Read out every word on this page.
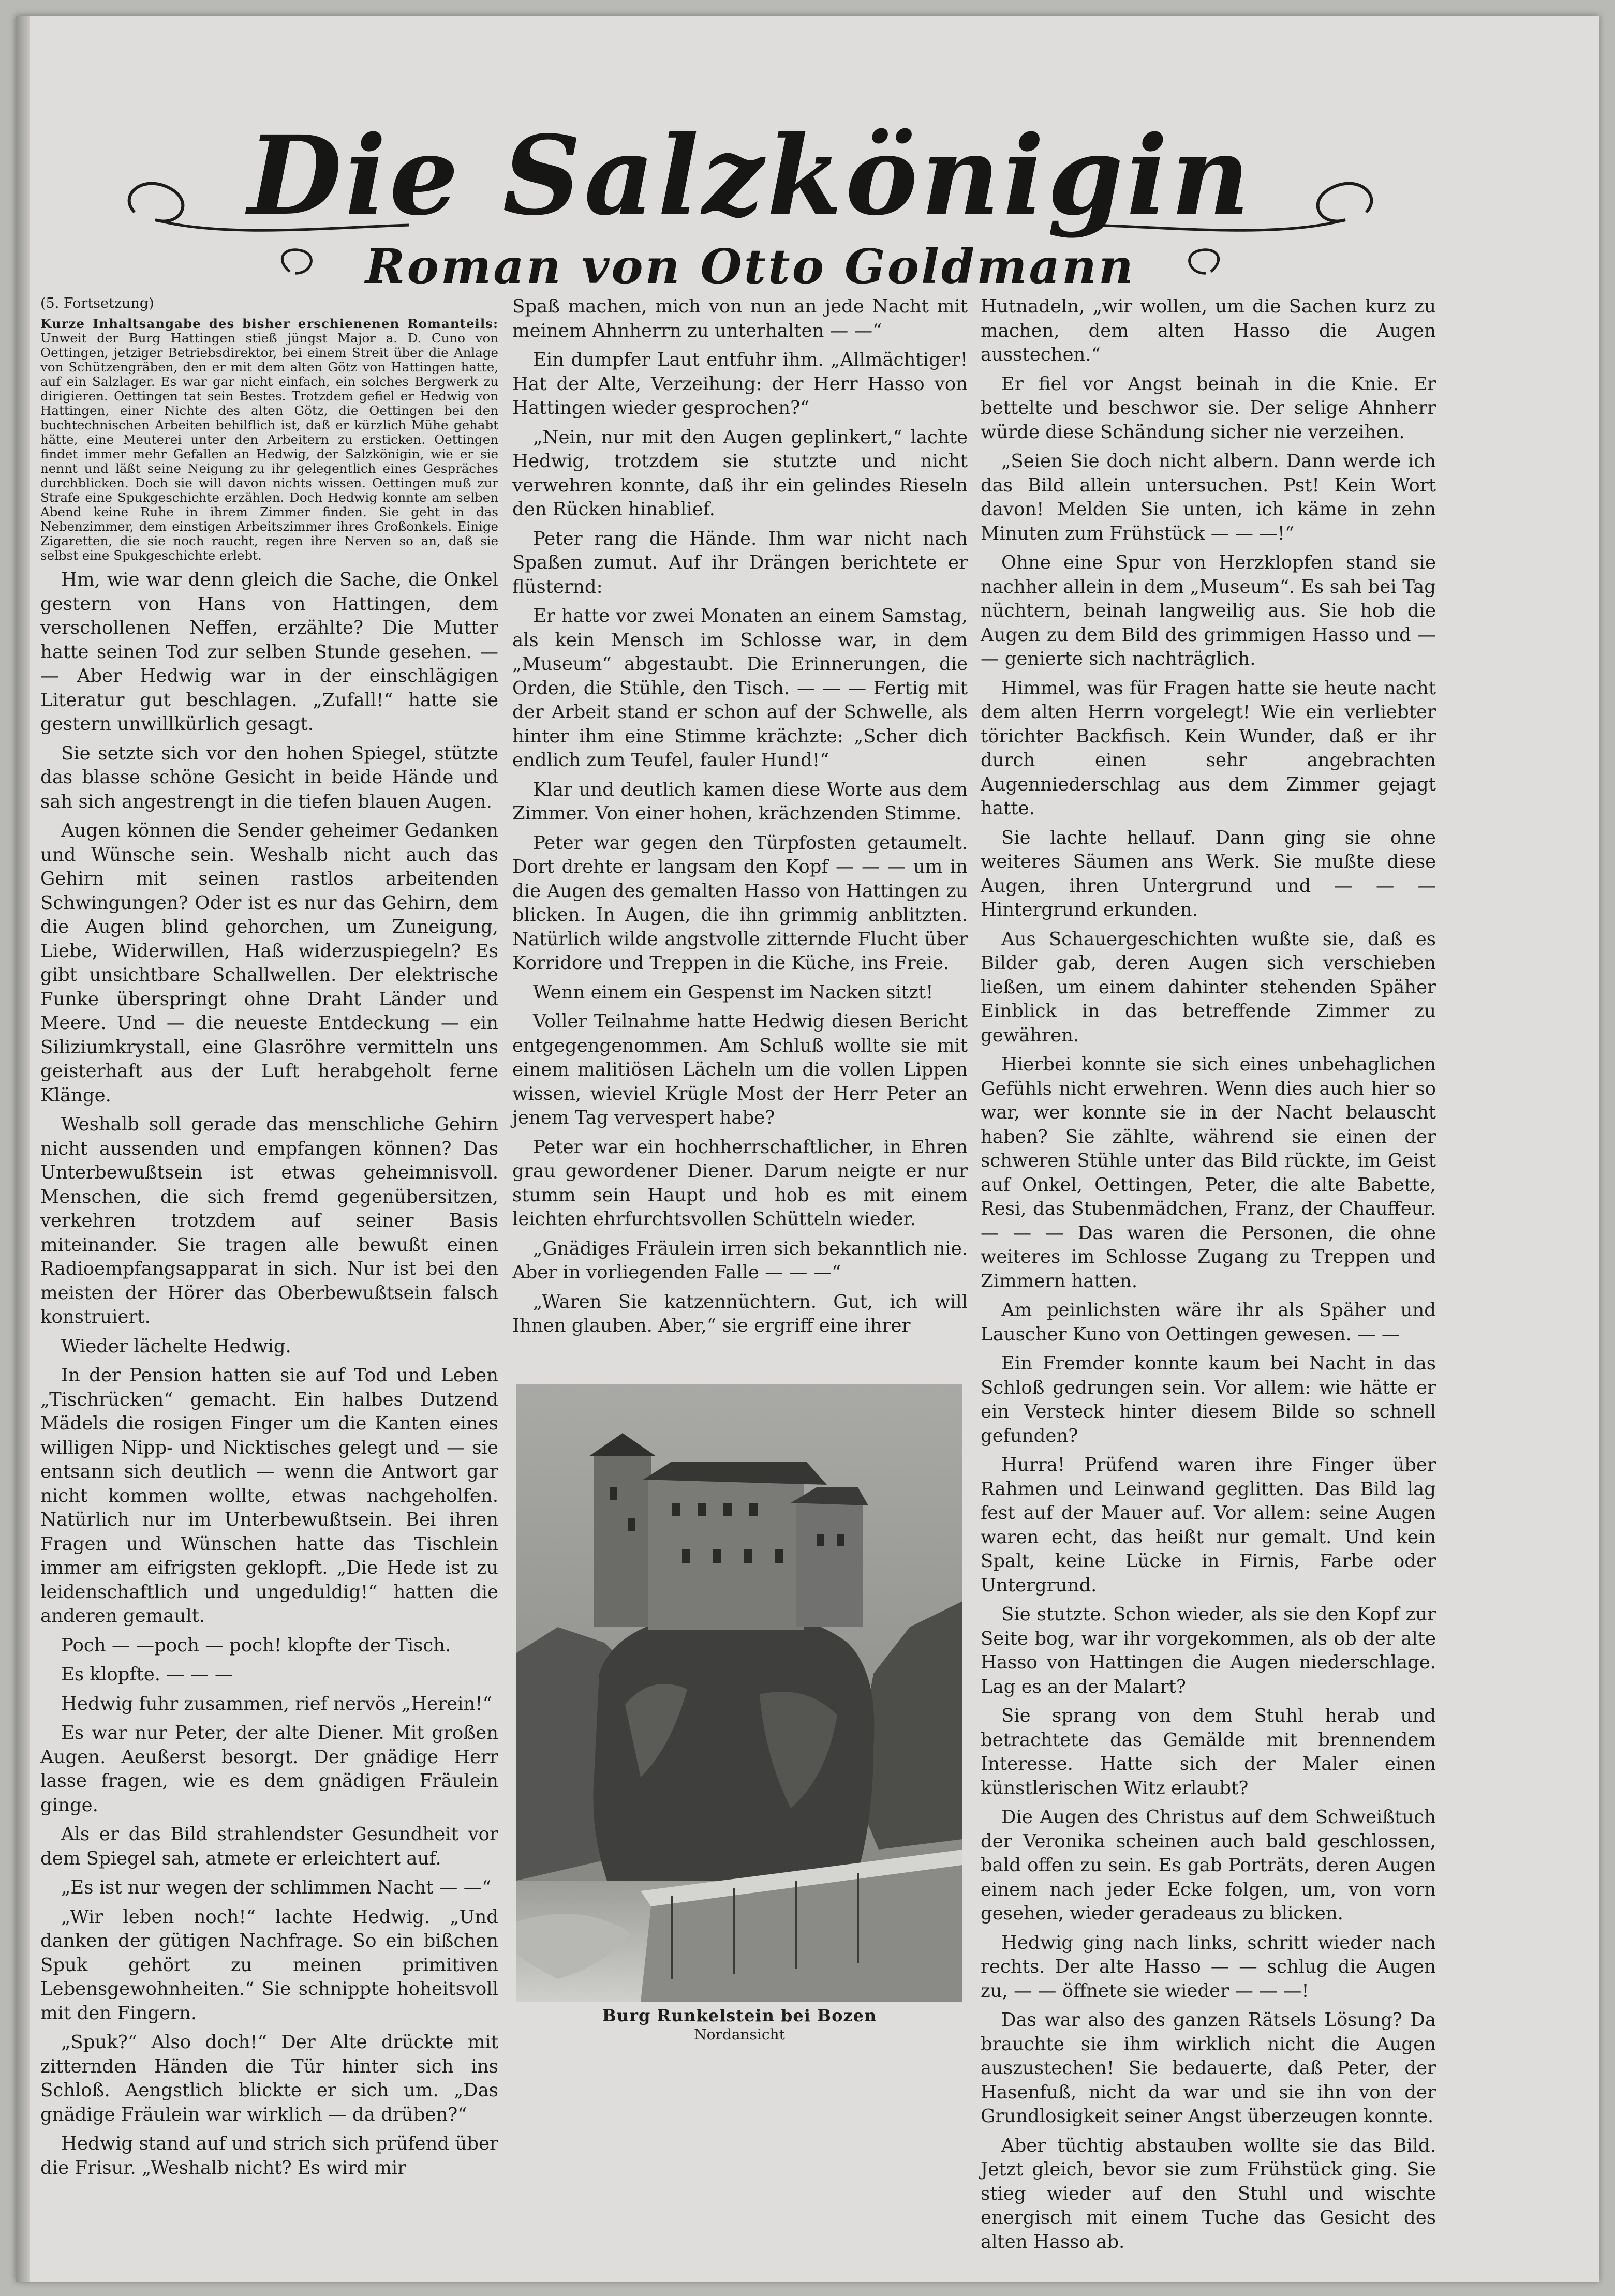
Die Salzkönigin
Roman von Otto Goldmann
(5. Fortsetzung)
Kurze Inhaltsangabe des bisher erschienenen Romanteils: Unweit der Burg Hattingen stieß jüngst Major a. D. Cuno von Oettingen, jetziger Betriebsdirektor, bei einem Streit über die Anlage von Schützengräben, den er mit dem alten Götz von Hattingen hatte, auf ein Salzlager. Es war gar nicht einfach, ein solches Bergwerk zu dirigieren. Oettingen tat sein Bestes. Trotzdem gefiel er Hedwig von Hattingen, einer Nichte des alten Götz, die Oettingen bei den buchtechnischen Arbeiten behilflich ist, daß er kürzlich Mühe gehabt hätte, eine Meuterei unter den Arbeitern zu ersticken. Oettingen findet immer mehr Gefallen an Hedwig, der Salzkönigin, wie er sie nennt und läßt seine Neigung zu ihr gelegentlich eines Gespräches durchblicken. Doch sie will davon nichts wissen. Oettingen muß zur Strafe eine Spukgeschichte erzählen. Doch Hedwig konnte am selben Abend keine Ruhe in ihrem Zimmer finden. Sie geht in das Nebenzimmer, dem einstigen Arbeitszimmer ihres Großonkels. Einige Zigaretten, die sie noch raucht, regen ihre Nerven so an, daß sie selbst eine Spukgeschichte erlebt.

Hm, wie war denn gleich die Sache, die Onkel gestern von Hans von Hattingen, dem verschollenen Neffen, erzählte? Die Mutter hatte seinen Tod zur selben Stunde gesehen. — — Aber Hedwig war in der einschlägigen Literatur gut beschlagen. „Zufall!“ hatte sie gestern unwillkürlich gesagt.

Sie setzte sich vor den hohen Spiegel, stützte das blasse schöne Gesicht in beide Hände und sah sich angestrengt in die tiefen blauen Augen.

Augen können die Sender geheimer Gedanken und Wünsche sein. Weshalb nicht auch das Gehirn mit seinen rastlos arbeitenden Schwingungen? Oder ist es nur das Gehirn, dem die Augen blind gehorchen, um Zuneigung, Liebe, Widerwillen, Haß widerzuspiegeln? Es gibt unsichtbare Schallwellen. Der elektrische Funke überspringt ohne Draht Länder und Meere. Und — die neueste Entdeckung — ein Siliziumkrystall, eine Glasröhre vermitteln uns geisterhaft aus der Luft herabgeholt ferne Klänge.

Weshalb soll gerade das menschliche Gehirn nicht aussenden und empfangen können? Das Unterbewußtsein ist etwas geheimnisvoll. Menschen, die sich fremd gegenübersitzen, verkehren trotzdem auf seiner Basis miteinander. Sie tragen alle bewußt einen Radioempfangsapparat in sich. Nur ist bei den meisten der Hörer das Oberbewußtsein falsch konstruiert.

Wieder lächelte Hedwig.

In der Pension hatten sie auf Tod und Leben „Tischrücken“ gemacht. Ein halbes Dutzend Mädels die rosigen Finger um die Kanten eines willigen Nipp- und Nicktisches gelegt und — sie entsann sich deutlich — wenn die Antwort gar nicht kommen wollte, etwas nachgeholfen. Natürlich nur im Unterbewußtsein. Bei ihren Fragen und Wünschen hatte das Tischlein immer am eifrigsten geklopft. „Die Hede ist zu leidenschaftlich und ungeduldig!“ hatten die anderen gemault.

Poch — —poch — poch! klopfte der Tisch.

Es klopfte. — — —

Hedwig fuhr zusammen, rief nervös „Herein!“

Es war nur Peter, der alte Diener. Mit großen Augen. Aeußerst besorgt. Der gnädige Herr lasse fragen, wie es dem gnädigen Fräulein ginge.

Als er das Bild strahlendster Gesundheit vor dem Spiegel sah, atmete er erleichtert auf.

„Es ist nur wegen der schlimmen Nacht — —“

„Wir leben noch!“ lachte Hedwig. „Und danken der gütigen Nachfrage. So ein bißchen Spuk gehört zu meinen primitiven Lebensgewohnheiten.“ Sie schnippte hoheitsvoll mit den Fingern.

„Spuk?“ Also doch!“ Der Alte drückte mit zitternden Händen die Tür hinter sich ins Schloß. Aengstlich blickte er sich um. „Das gnädige Fräulein war wirklich — da drüben?“

Hedwig stand auf und strich sich prüfend über die Frisur. „Weshalb nicht? Es wird mir

Spaß machen, mich von nun an jede Nacht mit meinem Ahnherrn zu unterhalten — —“

Ein dumpfer Laut entfuhr ihm. „Allmächtiger! Hat der Alte, Verzeihung: der Herr Hasso von Hattingen wieder gesprochen?“

„Nein, nur mit den Augen geplinkert,“ lachte Hedwig, trotzdem sie stutzte und nicht verwehren konnte, daß ihr ein gelindes Rieseln den Rücken hinablief.

Peter rang die Hände. Ihm war nicht nach Spaßen zumut. Auf ihr Drängen berichtete er flüsternd:

Er hatte vor zwei Monaten an einem Samstag, als kein Mensch im Schlosse war, in dem „Museum“ abgestaubt. Die Erinnerungen, die Orden, die Stühle, den Tisch. — — — Fertig mit der Arbeit stand er schon auf der Schwelle, als hinter ihm eine Stimme krächzte: „Scher dich endlich zum Teufel, fauler Hund!“

Klar und deutlich kamen diese Worte aus dem Zimmer. Von einer hohen, krächzenden Stimme.

Peter war gegen den Türpfosten getaumelt. Dort drehte er langsam den Kopf — — — um in die Augen des gemalten Hasso von Hattingen zu blicken. In Augen, die ihn grimmig anblitzten. Natürlich wilde angstvolle zitternde Flucht über Korridore und Treppen in die Küche, ins Freie.

Wenn einem ein Gespenst im Nacken sitzt!

Voller Teilnahme hatte Hedwig diesen Bericht entgegengenommen. Am Schluß wollte sie mit einem malitiösen Lächeln um die vollen Lippen wissen, wieviel Krügle Most der Herr Peter an jenem Tag vervespert habe?

Peter war ein hochherrschaftlicher, in Ehren grau gewordener Diener. Darum neigte er nur stumm sein Haupt und hob es mit einem leichten ehrfurchtsvollen Schütteln wieder.

„Gnädiges Fräulein irren sich bekanntlich nie. Aber in vorliegenden Falle — — —“

„Waren Sie katzennüchtern. Gut, ich will Ihnen glauben. Aber,“ sie ergriff eine ihrer

Burg Runkelstein bei Bozen
Nordansicht

Hutnadeln, „wir wollen, um die Sachen kurz zu machen, dem alten Hasso die Augen ausstechen.“

Er fiel vor Angst beinah in die Knie. Er bettelte und beschwor sie. Der selige Ahnherr würde diese Schändung sicher nie verzeihen.

„Seien Sie doch nicht albern. Dann werde ich das Bild allein untersuchen. Pst! Kein Wort davon! Melden Sie unten, ich käme in zehn Minuten zum Frühstück — — —!“

Ohne eine Spur von Herzklopfen stand sie nachher allein in dem „Museum“. Es sah bei Tag nüchtern, beinah langweilig aus. Sie hob die Augen zu dem Bild des grimmigen Hasso und — — genierte sich nachträglich.

Himmel, was für Fragen hatte sie heute nacht dem alten Herrn vorgelegt! Wie ein verliebter törichter Backfisch. Kein Wunder, daß er ihr durch einen sehr angebrachten Augenniederschlag aus dem Zimmer gejagt hatte.

Sie lachte hellauf. Dann ging sie ohne weiteres Säumen ans Werk. Sie mußte diese Augen, ihren Untergrund und — — — Hintergrund erkunden.

Aus Schauergeschichten wußte sie, daß es Bilder gab, deren Augen sich verschieben ließen, um einem dahinter stehenden Späher Einblick in das betreffende Zimmer zu gewähren.

Hierbei konnte sie sich eines unbehaglichen Gefühls nicht erwehren. Wenn dies auch hier so war, wer konnte sie in der Nacht belauscht haben? Sie zählte, während sie einen der schweren Stühle unter das Bild rückte, im Geist auf Onkel, Oettingen, Peter, die alte Babette, Resi, das Stubenmädchen, Franz, der Chauffeur. — — — Das waren die Personen, die ohne weiteres im Schlosse Zugang zu Treppen und Zimmern hatten.

Am peinlichsten wäre ihr als Späher und Lauscher Kuno von Oettingen gewesen. — —

Ein Fremder konnte kaum bei Nacht in das Schloß gedrungen sein. Vor allem: wie hätte er ein Versteck hinter diesem Bilde so schnell gefunden?

Hurra! Prüfend waren ihre Finger über Rahmen und Leinwand geglitten. Das Bild lag fest auf der Mauer auf. Vor allem: seine Augen waren echt, das heißt nur gemalt. Und kein Spalt, keine Lücke in Firnis, Farbe oder Untergrund.

Sie stutzte. Schon wieder, als sie den Kopf zur Seite bog, war ihr vorgekommen, als ob der alte Hasso von Hattingen die Augen niederschlage. Lag es an der Malart?

Sie sprang von dem Stuhl herab und betrachtete das Gemälde mit brennendem Interesse. Hatte sich der Maler einen künstlerischen Witz erlaubt?

Die Augen des Christus auf dem Schweißtuch der Veronika scheinen auch bald geschlossen, bald offen zu sein. Es gab Porträts, deren Augen einem nach jeder Ecke folgen, um, von vorn gesehen, wieder geradeaus zu blicken.

Hedwig ging nach links, schritt wieder nach rechts. Der alte Hasso — — schlug die Augen zu, — — öffnete sie wieder — — —!

Das war also des ganzen Rätsels Lösung? Da brauchte sie ihm wirklich nicht die Augen auszustechen! Sie bedauerte, daß Peter, der Hasenfuß, nicht da war und sie ihn von der Grundlosigkeit seiner Angst überzeugen konnte.

Aber tüchtig abstauben wollte sie das Bild. Jetzt gleich, bevor sie zum Frühstück ging. Sie stieg wieder auf den Stuhl und wischte energisch mit einem Tuche das Gesicht des alten Hasso ab.
